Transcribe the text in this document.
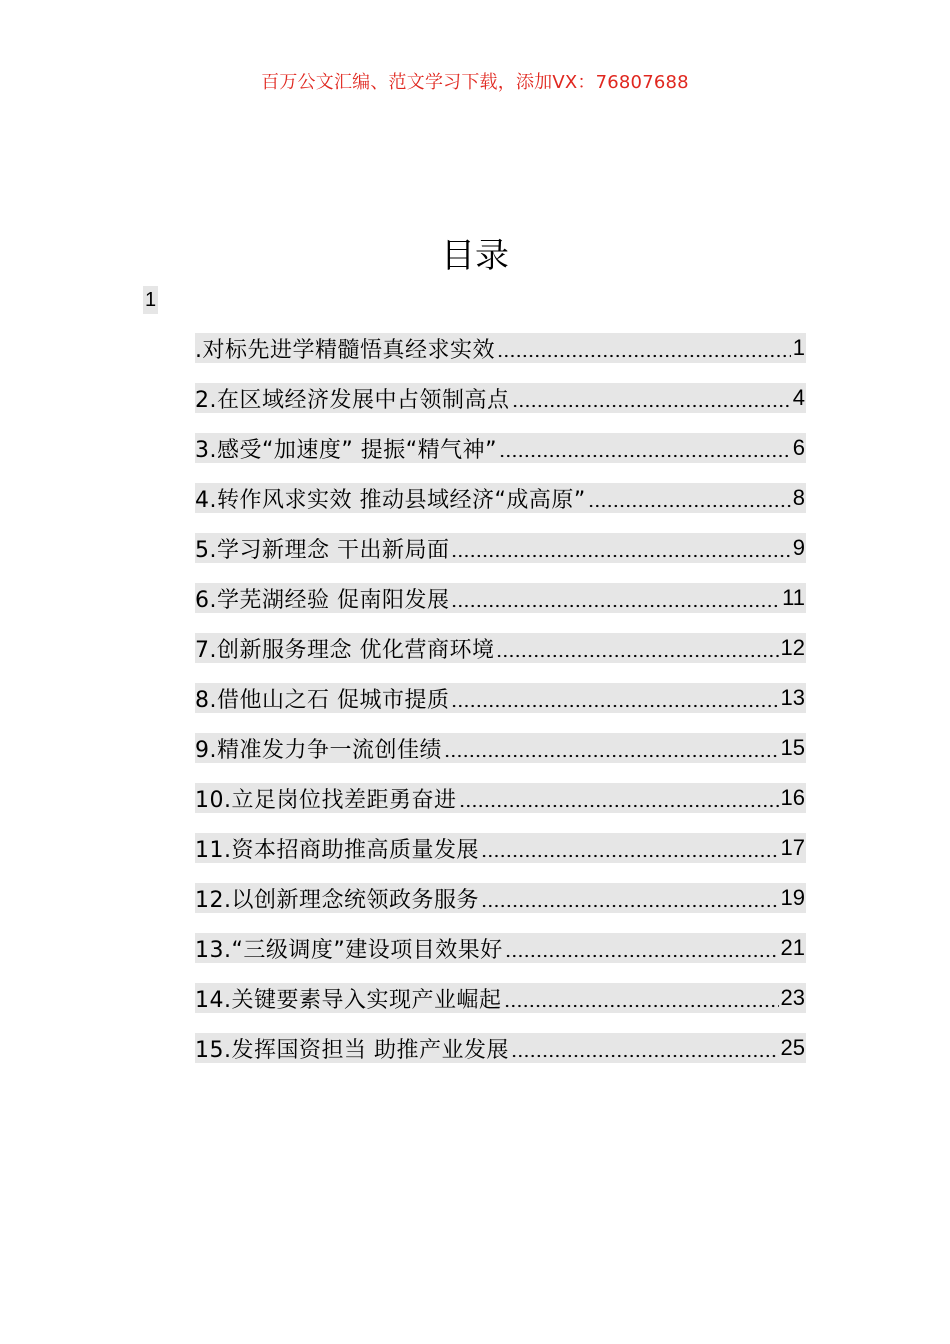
百万公文汇编、范文学习下载，添加VX：76807688
目录
1
.对标先进学精髓悟真经求实效	1
2.在区域经济发展中占领制高点	4
3.感受“加速度” 提振“精气神”	6
4.转作风求实效 推动县域经济“成高原”	8
5.学习新理念 干出新局面	9
6.学芜湖经验 促南阳发展	11
7.创新服务理念 优化营商环境	12
8.借他山之石 促城市提质	13
9.精准发力争一流创佳绩	15
10.立足岗位找差距勇奋进	16
11.资本招商助推高质量发展	17
12.以创新理念统领政务服务	19
13.“三级调度”建设项目效果好	21
14.关键要素导入实现产业崛起	23
15.发挥国资担当 助推产业发展	25
